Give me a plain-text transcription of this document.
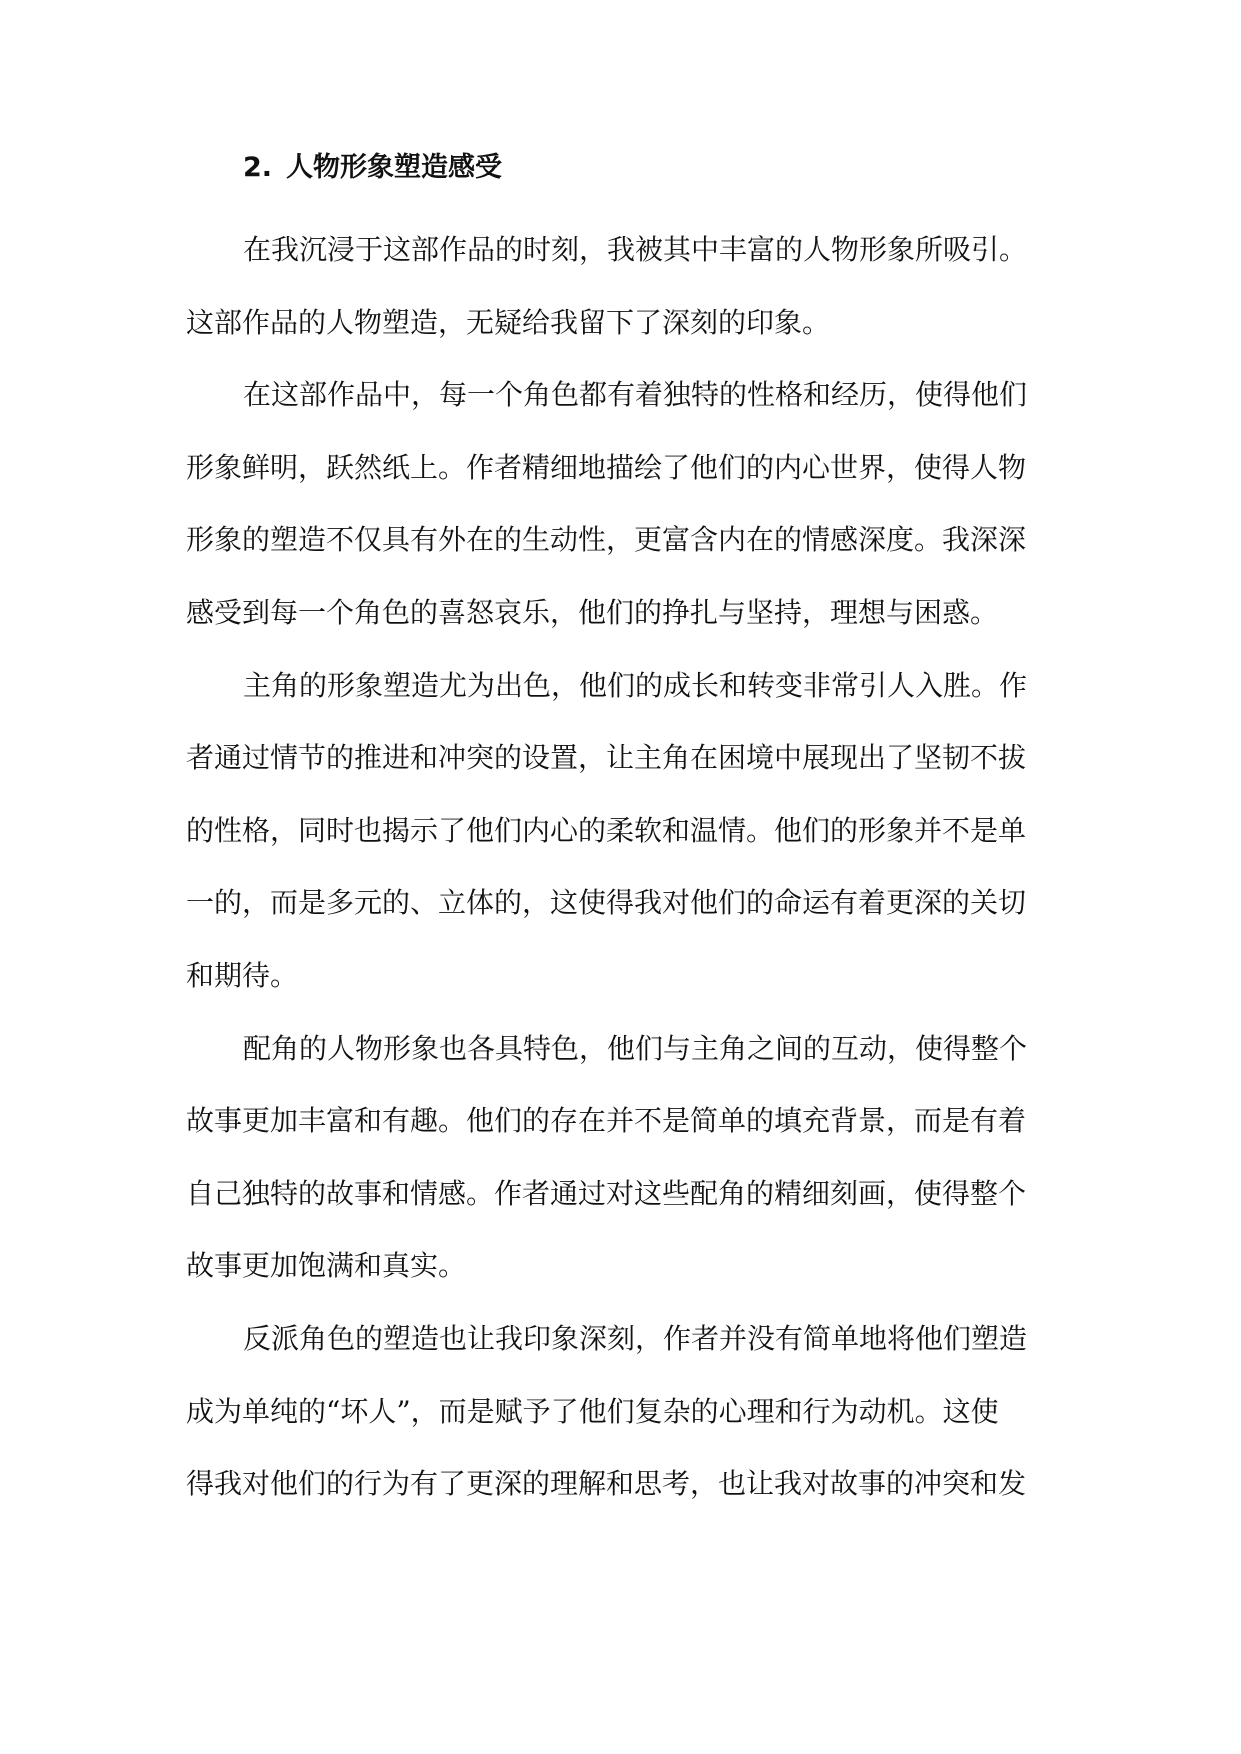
2. 人物形象塑造感受

在我沉浸于这部作品的时刻，我被其中丰富的人物形象所吸引。

这部作品的人物塑造，无疑给我留下了深刻的印象。

在这部作品中，每一个角色都有着独特的性格和经历，使得他们

形象鲜明，跃然纸上。作者精细地描绘了他们的内心世界，使得人物

形象的塑造不仅具有外在的生动性，更富含内在的情感深度。我深深

感受到每一个角色的喜怒哀乐，他们的挣扎与坚持，理想与困惑。

主角的形象塑造尤为出色，他们的成长和转变非常引人入胜。作

者通过情节的推进和冲突的设置，让主角在困境中展现出了坚韧不拔

的性格，同时也揭示了他们内心的柔软和温情。他们的形象并不是单

一的，而是多元的、立体的，这使得我对他们的命运有着更深的关切

和期待。

配角的人物形象也各具特色，他们与主角之间的互动，使得整个

故事更加丰富和有趣。他们的存在并不是简单的填充背景，而是有着

自己独特的故事和情感。作者通过对这些配角的精细刻画，使得整个

故事更加饱满和真实。

反派角色的塑造也让我印象深刻，作者并没有简单地将他们塑造

成为单纯的“坏人”，而是赋予了他们复杂的心理和行为动机。这使

得我对他们的行为有了更深的理解和思考，也让我对故事的冲突和发
